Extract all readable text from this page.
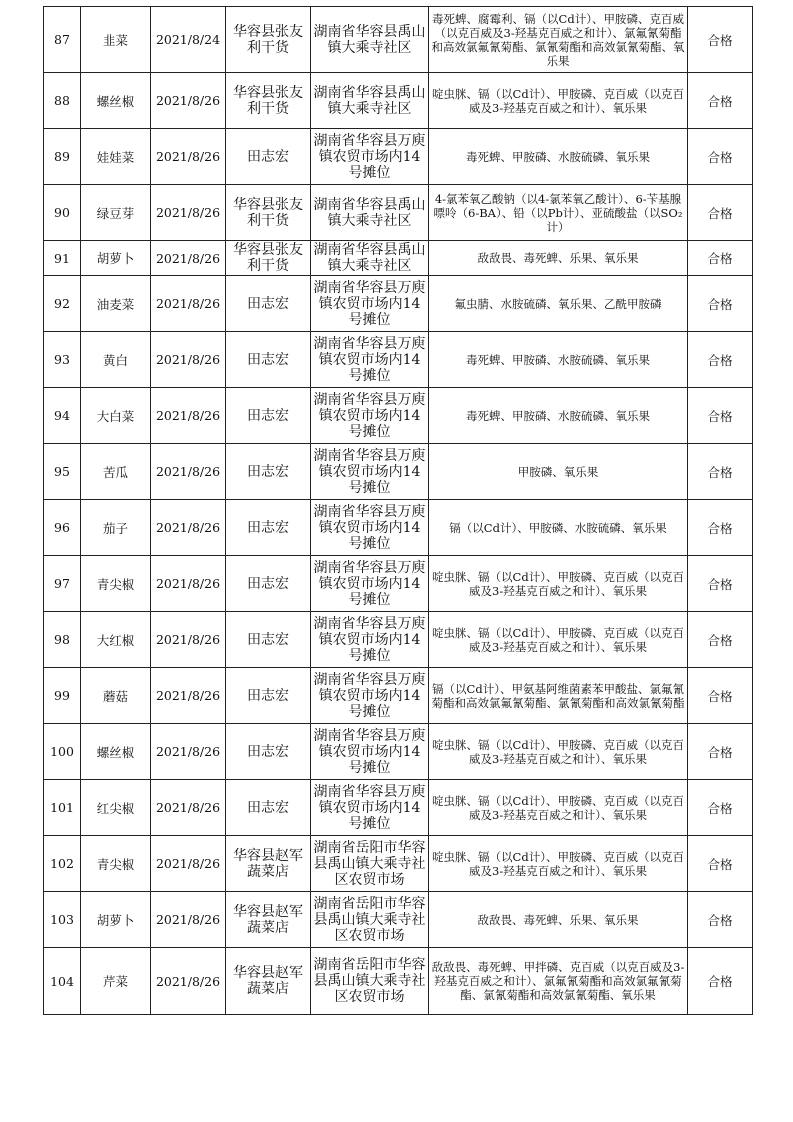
87	韭菜	2021/8/24	华容县张友利干货	湖南省华容县禹山镇大乘寺社区	毒死蜱、腐霉利、镉（以Cd计）、甲胺磷、克百威（以克百威及3-羟基克百威之和计）、氯氟氰菊酯和高效氯氟氰菊酯、氯氰菊酯和高效氯氰菊酯、氧乐果	合格
88	螺丝椒	2021/8/26	华容县张友利干货	湖南省华容县禹山镇大乘寺社区	啶虫脒、镉（以Cd计）、甲胺磷、克百威（以克百威及3-羟基克百威之和计）、氧乐果	合格
89	娃娃菜	2021/8/26	田志宏	湖南省华容县万庾镇农贸市场内14号摊位	毒死蜱、甲胺磷、水胺硫磷、氧乐果	合格
90	绿豆芽	2021/8/26	华容县张友利干货	湖南省华容县禹山镇大乘寺社区	4-氯苯氧乙酸钠（以4-氯苯氧乙酸计）、6-苄基腺嘌呤（6-BA）、铅（以Pb计）、亚硫酸盐（以SO₂计）	合格
91	胡萝卜	2021/8/26	华容县张友利干货	湖南省华容县禹山镇大乘寺社区	敌敌畏、毒死蜱、乐果、氧乐果	合格
92	油麦菜	2021/8/26	田志宏	湖南省华容县万庾镇农贸市场内14号摊位	氟虫腈、水胺硫磷、氧乐果、乙酰甲胺磷	合格
93	黄白	2021/8/26	田志宏	湖南省华容县万庾镇农贸市场内14号摊位	毒死蜱、甲胺磷、水胺硫磷、氧乐果	合格
94	大白菜	2021/8/26	田志宏	湖南省华容县万庾镇农贸市场内14号摊位	毒死蜱、甲胺磷、水胺硫磷、氧乐果	合格
95	苦瓜	2021/8/26	田志宏	湖南省华容县万庾镇农贸市场内14号摊位	甲胺磷、氧乐果	合格
96	茄子	2021/8/26	田志宏	湖南省华容县万庾镇农贸市场内14号摊位	镉（以Cd计）、甲胺磷、水胺硫磷、氧乐果	合格
97	青尖椒	2021/8/26	田志宏	湖南省华容县万庾镇农贸市场内14号摊位	啶虫脒、镉（以Cd计）、甲胺磷、克百威（以克百威及3-羟基克百威之和计）、氧乐果	合格
98	大红椒	2021/8/26	田志宏	湖南省华容县万庾镇农贸市场内14号摊位	啶虫脒、镉（以Cd计）、甲胺磷、克百威（以克百威及3-羟基克百威之和计）、氧乐果	合格
99	蘑菇	2021/8/26	田志宏	湖南省华容县万庾镇农贸市场内14号摊位	镉（以Cd计）、甲氨基阿维菌素苯甲酸盐、氯氟氰菊酯和高效氯氟氰菊酯、氯氰菊酯和高效氯氰菊酯	合格
100	螺丝椒	2021/8/26	田志宏	湖南省华容县万庾镇农贸市场内14号摊位	啶虫脒、镉（以Cd计）、甲胺磷、克百威（以克百威及3-羟基克百威之和计）、氧乐果	合格
101	红尖椒	2021/8/26	田志宏	湖南省华容县万庾镇农贸市场内14号摊位	啶虫脒、镉（以Cd计）、甲胺磷、克百威（以克百威及3-羟基克百威之和计）、氧乐果	合格
102	青尖椒	2021/8/26	华容县赵军蔬菜店	湖南省岳阳市华容县禹山镇大乘寺社区农贸市场	啶虫脒、镉（以Cd计）、甲胺磷、克百威（以克百威及3-羟基克百威之和计）、氧乐果	合格
103	胡萝卜	2021/8/26	华容县赵军蔬菜店	湖南省岳阳市华容县禹山镇大乘寺社区农贸市场	敌敌畏、毒死蜱、乐果、氧乐果	合格
104	芹菜	2021/8/26	华容县赵军蔬菜店	湖南省岳阳市华容县禹山镇大乘寺社区农贸市场	敌敌畏、毒死蜱、甲拌磷、克百威（以克百威及3-羟基克百威之和计）、氯氟氰菊酯和高效氯氟氰菊酯、氯氰菊酯和高效氯氰菊酯、氧乐果	合格
